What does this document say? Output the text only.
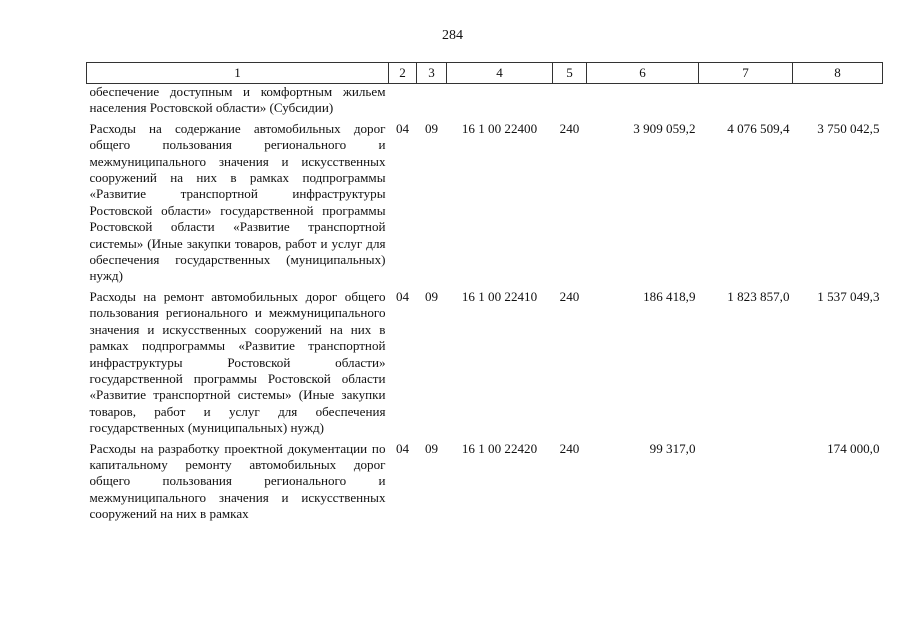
284
1	2	3	4	5	6	7	8
обеспечение доступным и комфортным жильем населения Ростовской области» (Субсидии)							
Расходы на содержание автомобильных дорог общего пользования регионального и межмуниципального значения и искусственных сооружений на них в рамках подпрограммы «Развитие транспортной инфраструктуры Ростовской области» государственной программы Ростовской области «Развитие транспортной системы» (Иные закупки товаров, работ и услуг для обеспечения государственных (муниципальных) нужд)	04	09	16 1 00 22400	240	3 909 059,2	4 076 509,4	3 750 042,5
Расходы на ремонт автомобильных дорог общего пользования регионального и межмуниципального значения и искусственных сооружений на них в рамках подпрограммы «Развитие транспортной инфраструктуры Ростовской области» государственной программы Ростовской области «Развитие транспортной системы» (Иные закупки товаров, работ и услуг для обеспечения государственных (муниципальных) нужд)	04	09	16 1 00 22410	240	186 418,9	1 823 857,0	1 537 049,3
Расходы на разработку проектной документации по капитальному ремонту автомобильных дорог общего пользования регионального и межмуниципального значения и искусственных сооружений на них в рамках	04	09	16 1 00 22420	240	99 317,0		174 000,0
